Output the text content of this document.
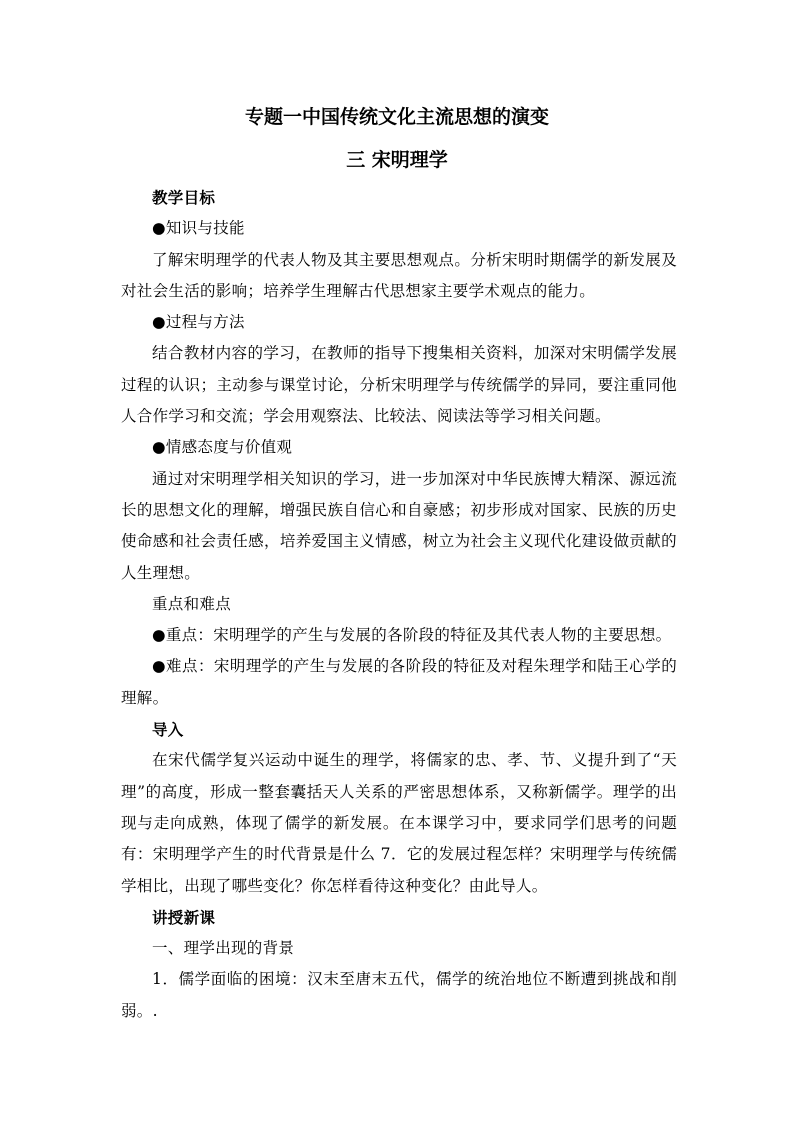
专题一中国传统文化主流思想的演变
三 宋明理学

教学目标

●知识与技能

了解宋明理学的代表人物及其主要思想观点。分析宋明时期儒学的新发展及对社会生活的影响；培养学生理解古代思想家主要学术观点的能力。

●过程与方法

结合教材内容的学习，在教师的指导下搜集相关资料，加深对宋明儒学发展过程的认识；主动参与课堂讨论，分析宋明理学与传统儒学的异同，要注重同他人合作学习和交流；学会用观察法、比较法、阅读法等学习相关问题。

●情感态度与价值观

通过对宋明理学相关知识的学习，进一步加深对中华民族博大精深、源远流长的思想文化的理解，增强民族自信心和自豪感；初步形成对国家、民族的历史使命感和社会责任感，培养爱国主义情感，树立为社会主义现代化建设做贡献的人生理想。

重点和难点

●重点：宋明理学的产生与发展的各阶段的特征及其代表人物的主要思想。

●难点：宋明理学的产生与发展的各阶段的特征及对程朱理学和陆王心学的理解。

导入

在宋代儒学复兴运动中诞生的理学，将儒家的忠、孝、节、义提升到了“天理”的高度，形成一整套囊括天人关系的严密思想体系，又称新儒学。理学的出现与走向成熟，体现了儒学的新发展。在本课学习中，要求同学们思考的问题有：宋明理学产生的时代背景是什么 7．它的发展过程怎样？宋明理学与传统儒学相比，出现了哪些变化？你怎样看待这种变化？由此导人。

讲授新课

一、理学出现的背景

1．儒学面临的困境：汉末至唐末五代，儒学的统治地位不断遭到挑战和削弱。.
